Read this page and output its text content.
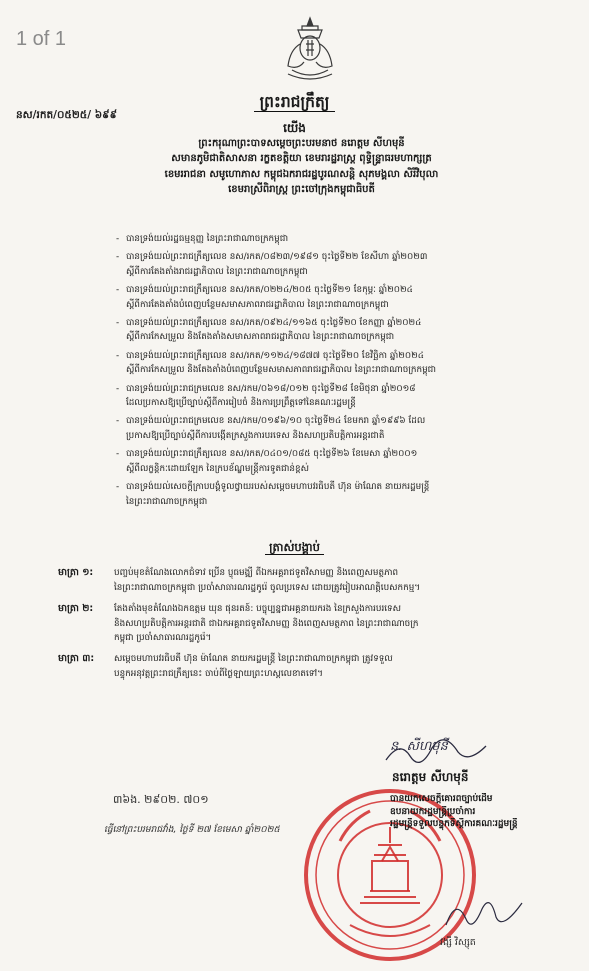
1 of 1
នស/រកត/០៥២៥/ ៦៩៩
ព្រះរាជក្រឹត្យ
យើង
ព្រះករុណាព្រះបាទសម្ដេចព្រះបរមនាថ នរោត្តម សីហមុនី
សមានភូមិជាតិសាសនា រក្ខតខត្តិយា ខេមរារដ្ឋរាស្ត្រ ពុទ្ធិន្ទ្រាធរមហាក្សត្រ
ខេមររាជនា សមូហោភាស កម្ពុជឯករាជរដ្ឋបូរណសន្តិ សុភមង្គលា សិរីវិបុលា
ខេមរាស្រីពិរាស្ត្រ ព្រះចៅក្រុងកម្ពុជាធិបតី
- បានទ្រង់យល់រដ្ឋធម្មនុញ្ញ នៃព្រះរាជាណាចក្រកម្ពុជា
- បានទ្រង់យល់ព្រះរាជក្រឹត្យលេខ នស/រកត/០៨២៣/១៩៨១ ចុះថ្ងៃទី២២ ខែសីហា ឆ្នាំ២០២៣
ស្ដីពីការតែងតាំងរាជរដ្ឋាភិបាល នៃព្រះរាជាណាចក្រកម្ពុជា
- បានទ្រង់យល់ព្រះរាជក្រឹត្យលេខ នស/រកត/០២២៤/២០៥ ចុះថ្ងៃទី២១ ខែកុម្ភៈ ឆ្នាំ២០២៤
ស្ដីពីការតែងតាំងបំពេញបន្ថែមសមាសភាពរាជរដ្ឋាភិបាល នៃព្រះរាជាណាចក្រកម្ពុជា
- បានទ្រង់យល់ព្រះរាជក្រឹត្យលេខ នស/រកត/០៩២៤/១១៦៥ ចុះថ្ងៃទី២០ ខែកញ្ញា ឆ្នាំ២០២៤
ស្ដីពីការកែសម្រួល និងតែងតាំងសមាសភាពរាជរដ្ឋាភិបាល នៃព្រះរាជាណាចក្រកម្ពុជា
- បានទ្រង់យល់ព្រះរាជក្រឹត្យលេខ នស/រកត/១១២៤/១៨៧៧ ចុះថ្ងៃទី២០ ខែវិច្ឆិកា ឆ្នាំ២០២៤
ស្ដីពីការកែសម្រួល និងតែងតាំងបំពេញបន្ថែមសមាសភាពរាជរដ្ឋាភិបាល នៃព្រះរាជាណាចក្រកម្ពុជា
- បានទ្រង់យល់ព្រះរាជក្រមលេខ នស/រកម/០៦១៨/០១២ ចុះថ្ងៃទី២៨ ខែមិថុនា ឆ្នាំ២០១៨
ដែលប្រកាសឱ្យប្រើច្បាប់ស្ដីពីការរៀបចំ និងការប្រព្រឹត្តទៅនៃគណៈរដ្ឋមន្ត្រី
- បានទ្រង់យល់ព្រះរាជក្រមលេខ នស/រកម/០១៩៦/១០ ចុះថ្ងៃទី២៤ ខែមករា ឆ្នាំ១៩៩៦ ដែល
ប្រកាសឱ្យប្រើច្បាប់ស្ដីពីការបង្កើតក្រសួងការបរទេស និងសហប្រតិបត្តិការអន្តរជាតិ
- បានទ្រង់យល់ព្រះរាជក្រឹត្យលេខ នស/រកត/០៤០១/០៨៥ ចុះថ្ងៃទី២៦ ខែមេសា ឆ្នាំ២០០១
ស្ដីពីលក្ខន្តិកៈដោយឡែក នៃក្របខ័ណ្ឌមន្ត្រីការទូតជាន់ខ្ពស់
- បានទ្រង់យល់សេចក្ដីក្រាបបង្គំទូលថ្វាយរបស់សម្ដេចមហាបវរធិបតី ហ៊ុន ម៉ាណែត នាយករដ្ឋមន្ត្រី
នៃព្រះរាជាណាចក្រកម្ពុជា
ត្រាស់បង្គាប់
មាត្រា ១: បញ្ចប់មុខតំណែងលោកជំទាវ ប្រើន ប្ញុធមង្គ្យី ពីឯកអគ្គរាជទូតវិសាមញ្ញ និងពេញសមត្ថភាព
នៃព្រះរាជាណាចក្រកម្ពុជា ប្រចាំសាធារណរដ្ឋកូរ៉េ ចូលប្រទេស ដោយត្រូវរៀបអាណត្តិបេសកកម្ម។
មាត្រា ២: តែងតាំងមុខតំណែងឯកឧត្ដម ឃុន ផុនរតន៍: បច្ចុប្បន្នជាអគ្គនាយករង នៃក្រសួងការបរទេស
និងសហប្រតិបត្តិការអន្តរជាតិ ជាឯកអគ្គរាជទូតវិសាមញ្ញ និងពេញសមត្ថភាព នៃព្រះរាជាណាចក្រ
កម្ពុជា ប្រចាំសាធារណរដ្ឋកូរ៉េ។
មាត្រា ៣: សម្ដេចមហាបវរធិបតី ហ៊ុន ម៉ាណែត នាយករដ្ឋមន្ត្រី នៃព្រះរាជាណាចក្រកម្ពុជា ត្រូវទទួល
បន្ទុកអនុវត្តព្រះរាជក្រឹត្យនេះ ចាប់ពីថ្ងៃឡាយព្រះហស្តលេខាតទៅ។
ន. សីហមុនី
នរោត្តម សីហមុនី
៣៦ង. ២៩០២. ៧០១
ធ្វើនៅព្រះបរមរាជវាំង, ថ្ងៃទី ២៧ ខែមេសា ឆ្នាំ២០២៥
បានយកសេចក្ដីគោរពច្បាប់ដើម
ឧបនាយករដ្ឋមន្ត្រីប្រចាំការ
រដ្ឋមន្ត្រីទទួលបន្ទុកទីស្ដីការគណៈរដ្ឋមន្ត្រី
វង្សី វិស្សុត
